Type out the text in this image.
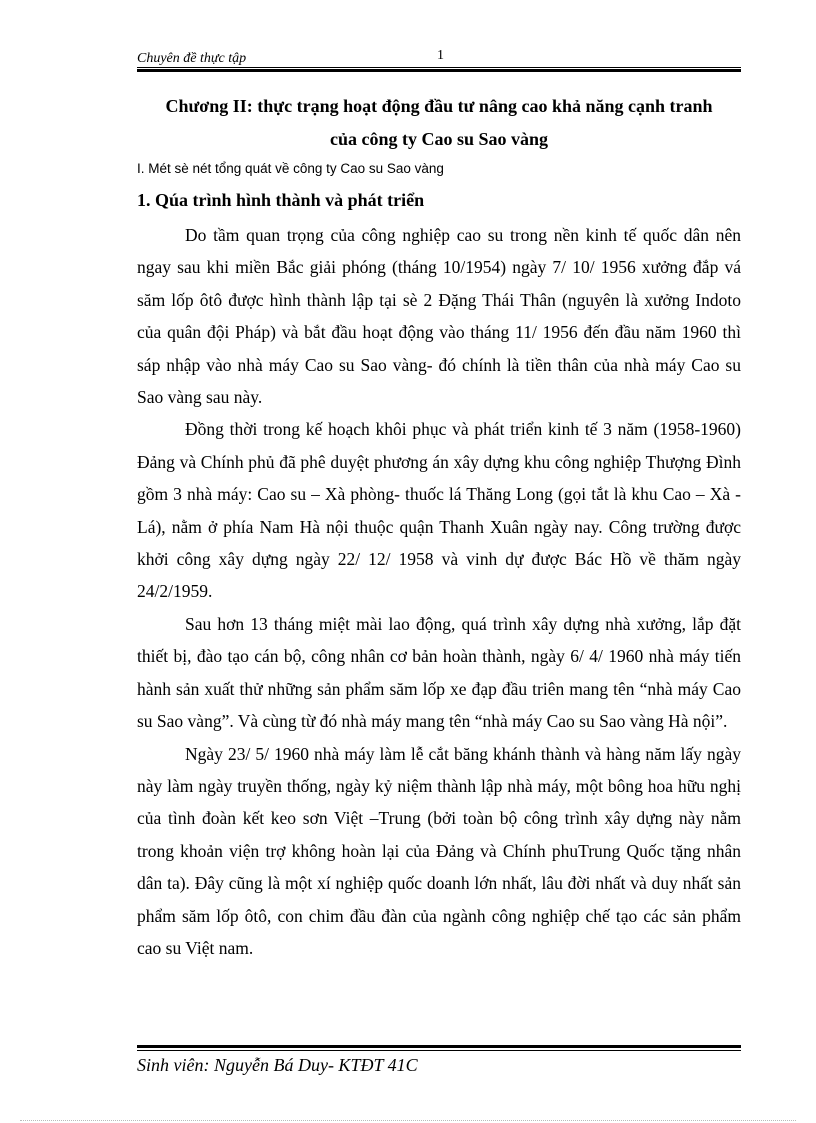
Chuyên đề thực tập	1
Chương II: thực trạng hoạt động đầu tư nâng cao khả năng cạnh tranh
của công ty Cao su Sao vàng
I. Mét sè nét tổng quát về công ty Cao su Sao vàng
1. Qúa trình hình thành và phát triển

Do tầm quan trọng của công nghiệp cao su trong nền kinh tế quốc dân nên ngay sau khi miền Bắc giải phóng (tháng 10/1954) ngày 7/ 10/ 1956 xưởng đắp vá săm lốp ôtô được hình thành lập tại sè 2 Đặng Thái Thân (nguyên là xưởng Indoto của quân đội Pháp) và bắt đầu hoạt động vào tháng 11/ 1956 đến đầu năm 1960 thì sáp nhập vào nhà máy Cao su Sao vàng- đó chính là tiền thân của nhà máy Cao su Sao vàng sau này.

Đồng thời trong kế hoạch khôi phục và phát triển kinh tế 3 năm (1958-1960) Đảng và Chính phủ đã phê duyệt phương án xây dựng khu công nghiệp Thượng Đình gồm 3 nhà máy: Cao su – Xà phòng- thuốc lá Thăng Long (gọi tắt là khu Cao – Xà - Lá), nằm ở phía Nam Hà nội thuộc quận Thanh Xuân ngày nay. Công trường được khởi công xây dựng ngày 22/ 12/ 1958 và vinh dự được Bác Hồ về thăm ngày 24/2/1959.

Sau hơn 13 tháng miệt mài lao động, quá trình xây dựng nhà xưởng, lắp đặt thiết bị, đào tạo cán bộ, công nhân cơ bản hoàn thành, ngày 6/ 4/ 1960 nhà máy tiến hành sản xuất thử những sản phẩm săm lốp xe đạp đầu triên mang tên “nhà máy Cao su Sao vàng”. Và cùng từ đó nhà máy mang tên “nhà máy Cao su Sao vàng Hà nội”.

Ngày 23/ 5/ 1960 nhà máy làm lễ cắt băng khánh thành và hàng năm lấy ngày này làm ngày truyền thống, ngày kỷ niệm thành lập nhà máy, một bông hoa hữu nghị của tình đoàn kết keo sơn Việt –Trung (bởi toàn bộ công trình xây dựng này nằm trong khoản viện trợ không hoàn lại của Đảng và Chính phuTrung Quốc tặng nhân dân ta). Đây cũng là một xí nghiệp quốc doanh lớn nhất, lâu đời nhất và duy nhất sản phẩm săm lốp ôtô, con chim đầu đàn của ngành công nghiệp chế tạo các sản phẩm cao su Việt nam.

Sinh viên: Nguyễn Bá Duy- KTĐT 41C
